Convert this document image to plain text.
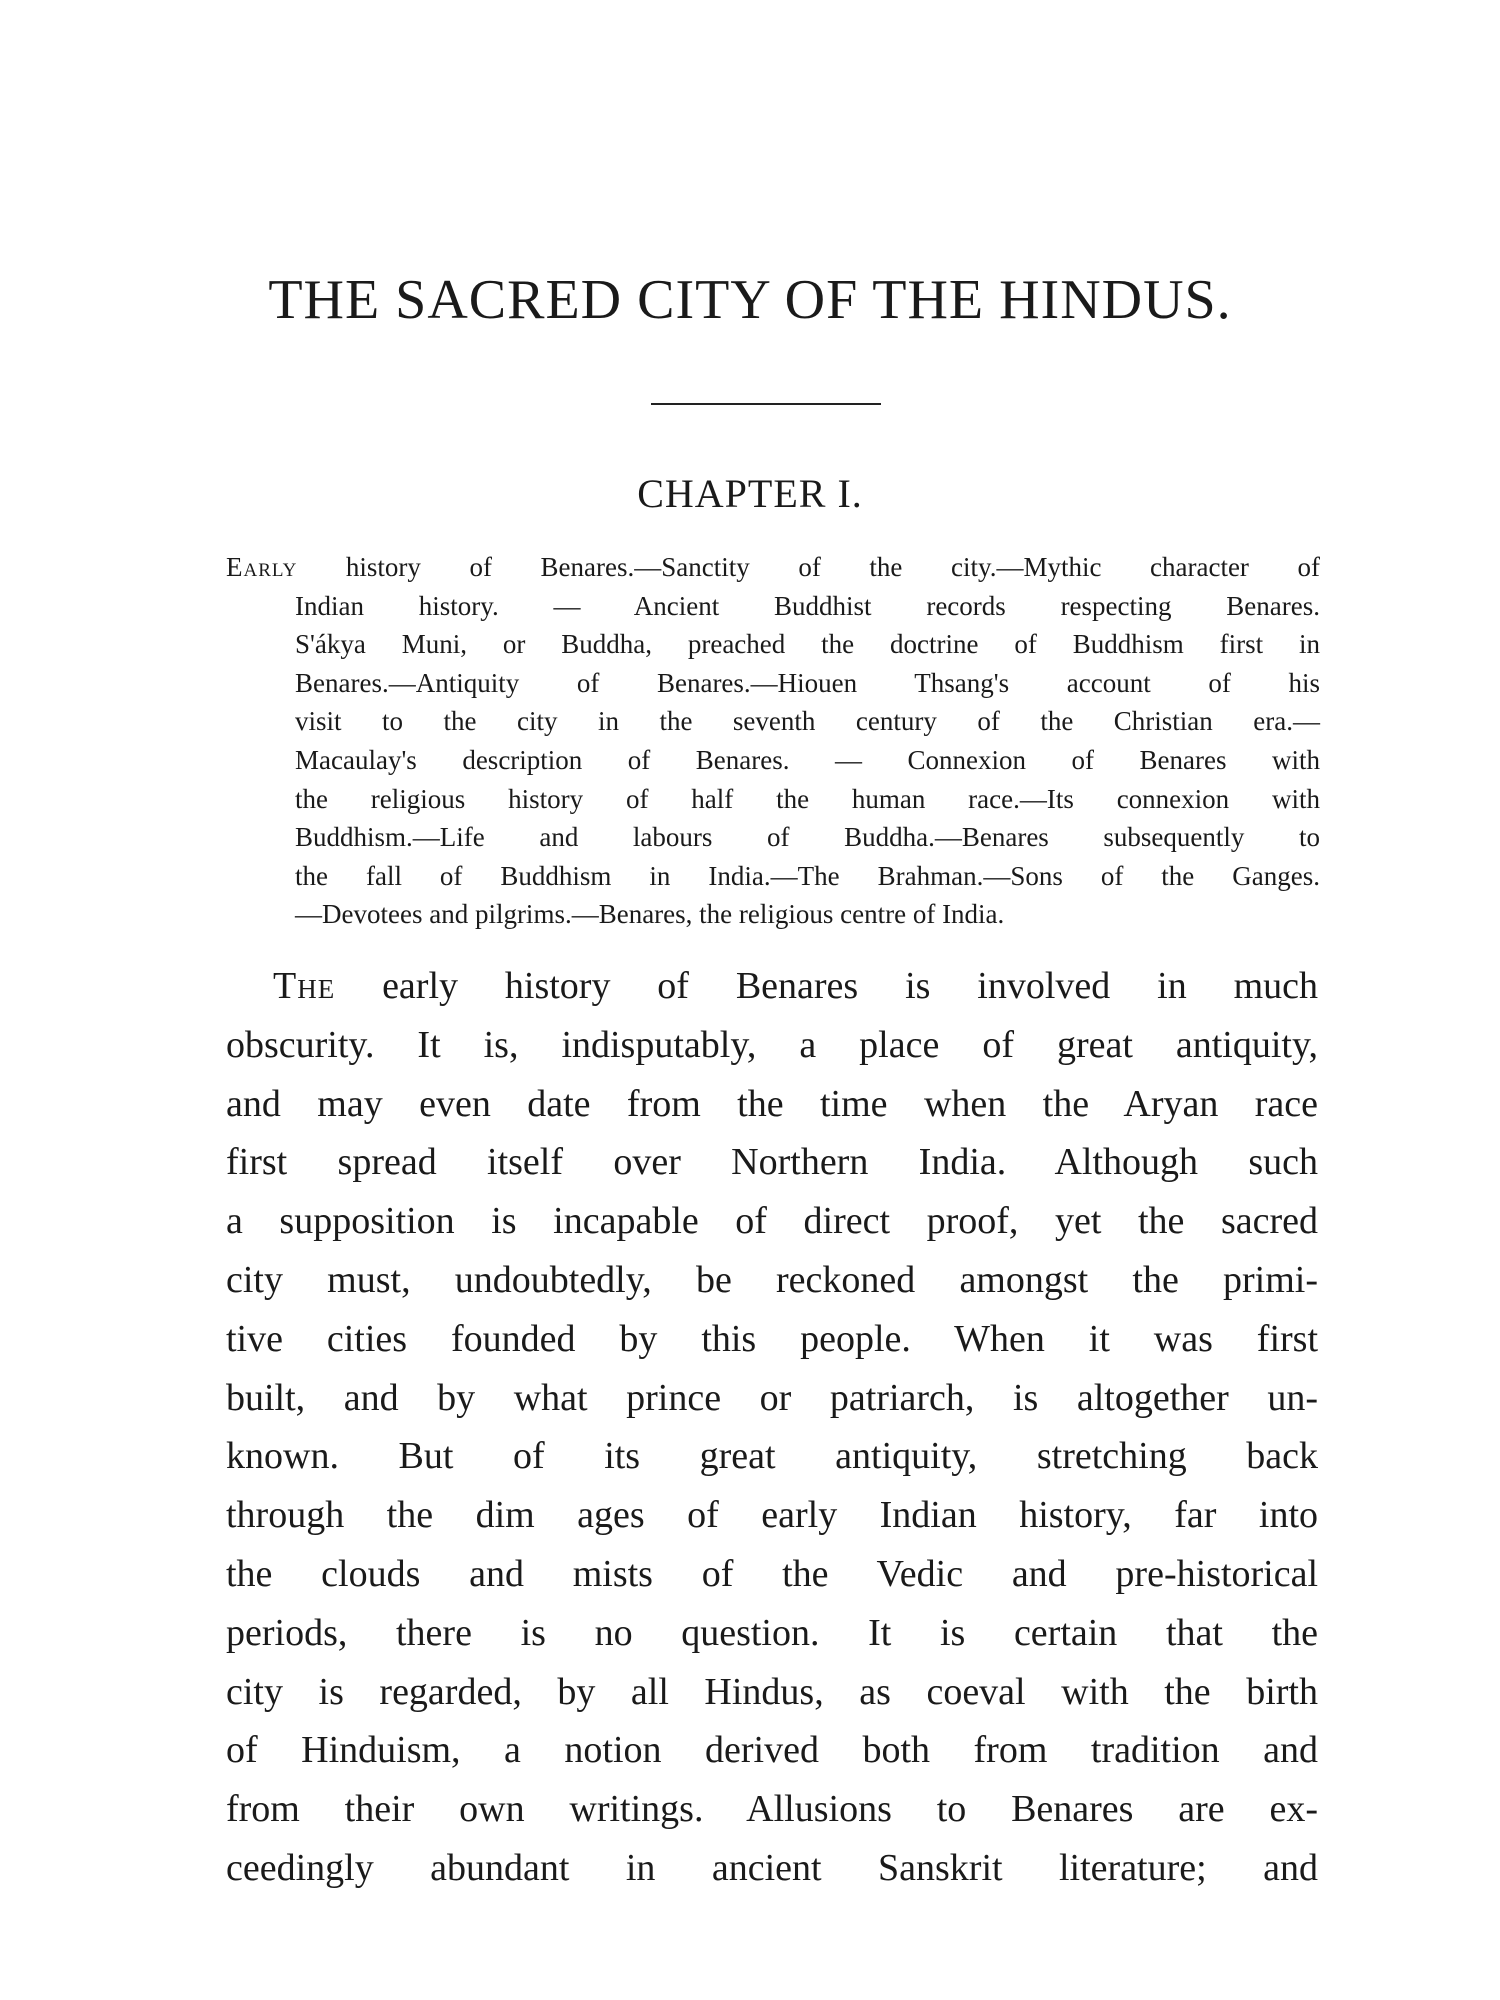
THE SACRED CITY OF THE HINDUS.
CHAPTER I.
Early history of Benares.—Sanctity of the city.—Mythic character of
Indian history. — Ancient Buddhist records respecting Benares.
S'ákya Muni, or Buddha, preached the doctrine of Buddhism first in
Benares.—Antiquity of Benares.—Hiouen Thsang's account of his
visit to the city in the seventh century of the Christian era.—
Macaulay's description of Benares. — Connexion of Benares with
the religious history of half the human race.—Its connexion with
Buddhism.—Life and labours of Buddha.—Benares subsequently to
the fall of Buddhism in India.—The Brahman.—Sons of the Ganges.
—Devotees and pilgrims.—Benares, the religious centre of India.
The early history of Benares is involved in much
obscurity. It is, indisputably, a place of great antiquity,
and may even date from the time when the Aryan race
first spread itself over Northern India. Although such
a supposition is incapable of direct proof, yet the sacred
city must, undoubtedly, be reckoned amongst the primi-
tive cities founded by this people. When it was first
built, and by what prince or patriarch, is altogether un-
known. But of its great antiquity, stretching back
through the dim ages of early Indian history, far into
the clouds and mists of the Vedic and pre-historical
periods, there is no question. It is certain that the
city is regarded, by all Hindus, as coeval with the birth
of Hinduism, a notion derived both from tradition and
from their own writings. Allusions to Benares are ex-
ceedingly abundant in ancient Sanskrit literature; and
